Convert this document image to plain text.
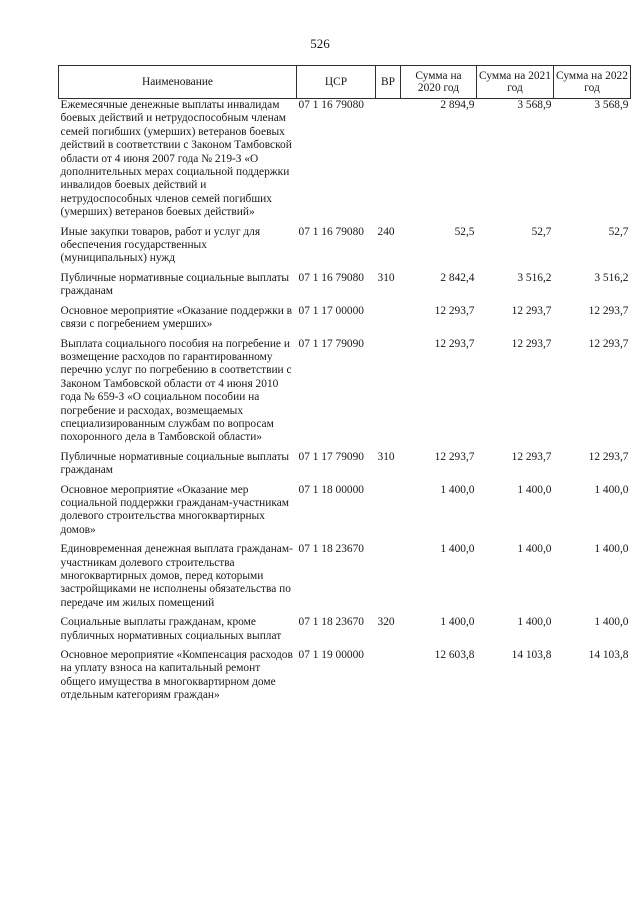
526
Наименование	ЦСР	ВР	Сумма на 2020 год	Сумма на 2021 год	Сумма на 2022 год
Ежемесячные денежные выплаты инвалидам боевых действий и нетрудоспособным членам семей погибших (умерших) ветеранов боевых действий в соответствии с Законом Тамбовской области от 4 июня 2007 года № 219-З «О дополнительных мерах социальной поддержки инвалидов боевых действий и нетрудоспособных членов семей погибших (умерших) ветеранов боевых действий»	07 1 16 79080		2 894,9	3 568,9	3 568,9
Иные закупки товаров, работ и услуг для обеспечения государственных (муниципальных) нужд	07 1 16 79080	240	52,5	52,7	52,7
Публичные нормативные социальные выплаты гражданам	07 1 16 79080	310	2 842,4	3 516,2	3 516,2
Основное мероприятие «Оказание поддержки в связи с погребением умерших»	07 1 17 00000		12 293,7	12 293,7	12 293,7
Выплата социального пособия на погребение и возмещение расходов по гарантированному перечню услуг по погребению в соответствии с Законом Тамбовской области от 4 июня 2010 года № 659-З «О социальном пособии на погребение и расходах, возмещаемых специализированным службам по вопросам похоронного дела в Тамбовской области»	07 1 17 79090		12 293,7	12 293,7	12 293,7
Публичные нормативные социальные выплаты гражданам	07 1 17 79090	310	12 293,7	12 293,7	12 293,7
Основное мероприятие «Оказание мер социальной поддержки гражданам-участникам долевого строительства многоквартирных домов»	07 1 18 00000		1 400,0	1 400,0	1 400,0
Единовременная денежная выплата гражданам-участникам долевого строительства многоквартирных домов, перед которыми застройщиками не исполнены обязательства по передаче им жилых помещений	07 1 18 23670		1 400,0	1 400,0	1 400,0
Социальные выплаты гражданам, кроме публичных нормативных социальных выплат	07 1 18 23670	320	1 400,0	1 400,0	1 400,0
Основное мероприятие «Компенсация расходов на уплату взноса на капитальный ремонт общего имущества в многоквартирном доме отдельным категориям граждан»	07 1 19 00000		12 603,8	14 103,8	14 103,8
